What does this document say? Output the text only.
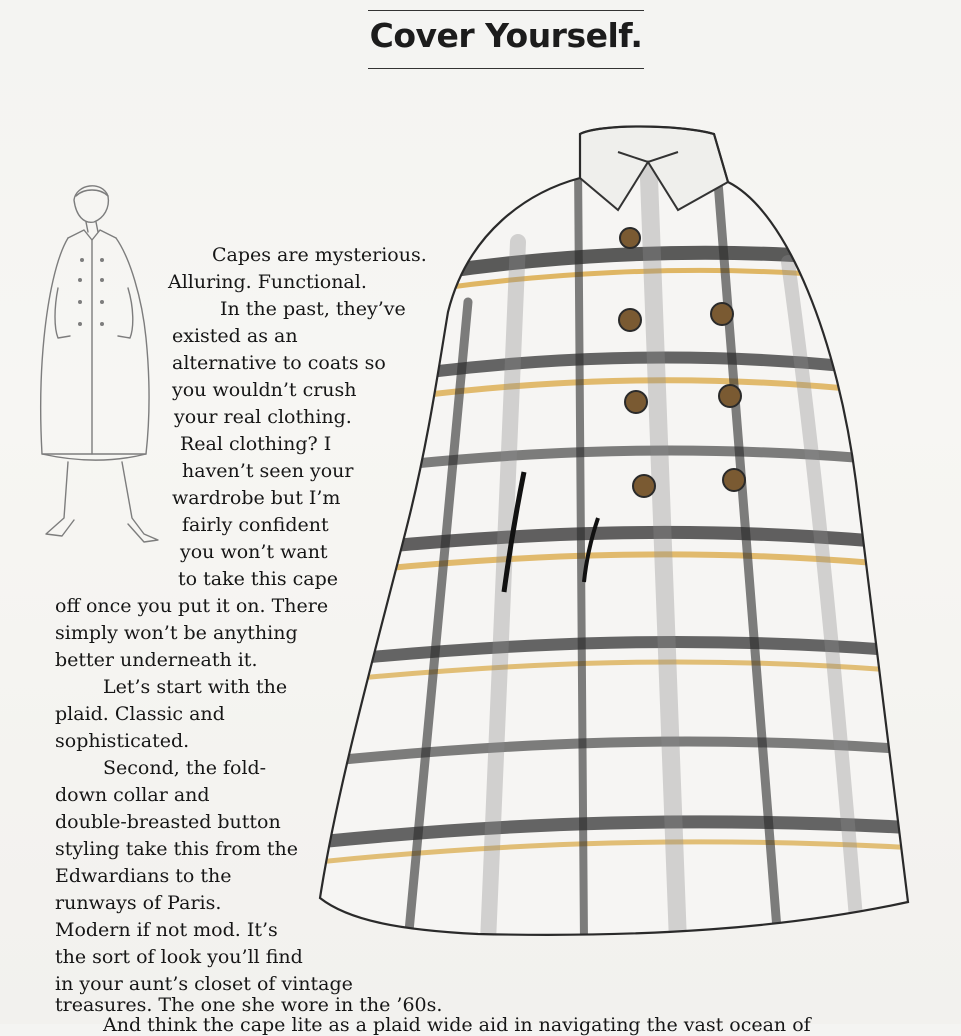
Cover Yourself.
Capes are mysterious.
Alluring. Functional.
In the past, they’ve
existed as an
alternative to coats so
you wouldn’t crush
your real clothing.
Real clothing? I
haven’t seen your
wardrobe but I’m
fairly confident
you won’t want
to take this cape
off once you put it on. There
simply won’t be anything
better underneath it.
Let’s start with the
plaid. Classic and
sophisticated.
Second, the fold-
down collar and
double-breasted button
styling take this from the
Edwardians to the
runways of Paris.
Modern if not mod. It’s
the sort of look you’ll find
in your aunt’s closet of vintage
treasures. The one she wore in the ’60s.
And think the cape lite as a plaid wide aid in navigating the vast ocean of
